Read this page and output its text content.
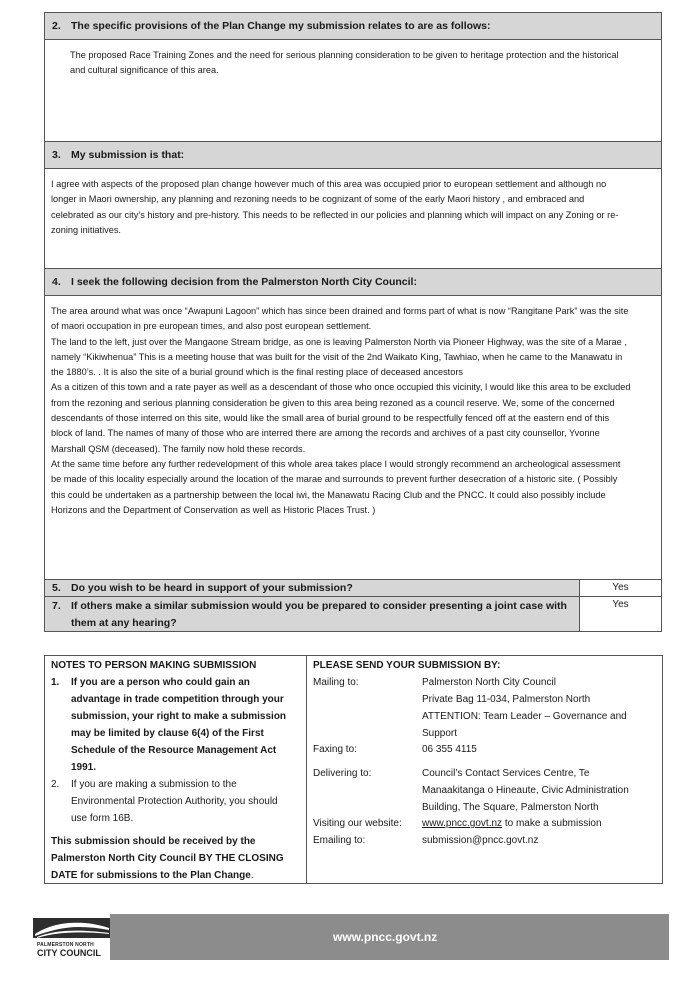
2. The specific provisions of the Plan Change my submission relates to are as follows:
The proposed Race Training Zones and the need for serious planning consideration to be given to heritage protection and the historical
and cultural significance of this area.
3. My submission is that:
I agree with aspects of the proposed plan change however much of this area was occupied prior to european settlement and although no
longer in Maori ownership, any planning and rezoning needs to be cognizant of some of the early Maori history , and embraced and
celebrated as our city’s history and pre-history. This needs to be reflected in our policies and planning which will impact on any Zoning or re-
zoning initiatives.
4. I seek the following decision from the Palmerston North City Council:
The area around what was once “Awapuni Lagoon” which has since been drained and forms part of what is now “Rangitane Park” was the site
of maori occupation in pre european times, and also post european settlement.
The land to the left, just over the Mangaone Stream bridge, as one is leaving Palmerston North via Pioneer Highway, was the site of a Marae ,
namely “Kikiwhenua” This is a meeting house that was built for the visit of the 2nd Waikato King, Tawhiao, when he came to the Manawatu in
the 1880’s. . It is also the site of a burial ground which is the final resting place of deceased ancestors
As a citizen of this town and a rate payer as well as a descendant of those who once occupied this vicinity, I would like this area to be excluded
from the rezoning and serious planning consideration be given to this area being rezoned as a council reserve. We, some of the concerned
descendants of those interred on this site, would like the small area of burial ground to be respectfully fenced off at the eastern end of this
block of land. The names of many of those who are interred there are among the records and archives of a past city counsellor, Yvonne
Marshall QSM (deceased). The family now hold these records.
At the same time before any further redevelopment of this whole area takes place I would strongly recommend an archeological assessment
be made of this locality especially around the location of the marae and surrounds to prevent further desecration of a historic site. ( Possibly
this could be undertaken as a partnership between the local iwi, the Manawatu Racing Club and the PNCC. It could also possibly include
Horizons and the Department of Conservation as well as Historic Places Trust. )
5. Do you wish to be heard in support of your submission?	Yes
7. If others make a similar submission would you be prepared to consider presenting a joint case with
them at any hearing?
Yes
NOTES TO PERSON MAKING SUBMISSION
1. If you are a person who could gain an
advantage in trade competition through your
submission, your right to make a submission
may be limited by clause 6(4) of the First
Schedule of the Resource Management Act
1991.
2. If you are making a submission to the
Environmental Protection Authority, you should
use form 16B.
This submission should be received by the
Palmerston North City Council BY THE CLOSING
DATE for submissions to the Plan Change.
PLEASE SEND YOUR SUBMISSION BY:
Mailing to:	Palmerston North City Council
Private Bag 11-034, Palmerston North
ATTENTION: Team Leader – Governance and
Support
Faxing to:	06 355 4115
Delivering to:	Council’s Contact Services Centre, Te
Manaakitanga o Hineaute, Civic Administration
Building, The Square, Palmerston North
Visiting our website: www.pncc.govt.nz to make a submission
Emailing to:	submission@pncc.govt.nz
PALMERSTON NORTH
CITY COUNCIL
www.pncc.govt.nz
